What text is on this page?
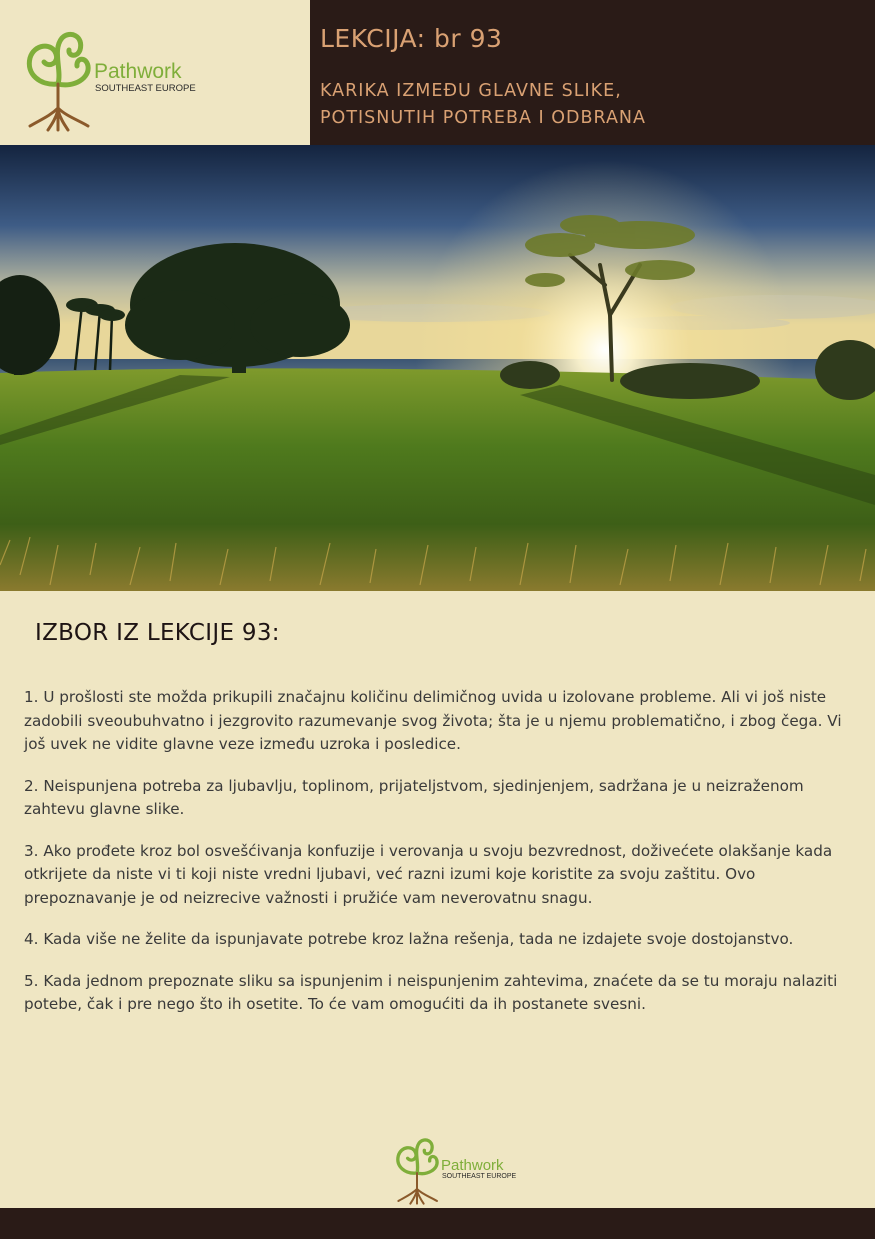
Pathwork
SOUTHEAST EUROPE
LEKCIJA: br 93
KARIKA IZMEĐU GLAVNE SLIKE,
POTISNUTIH POTREBA I ODBRANA
IZBOR IZ LEKCIJE 93:

1. U prošlosti ste možda prikupili značajnu količinu delimičnog uvida u izolovane probleme. Ali vi još niste zadobili sveoubuhvatno i jezgrovito razumevanje svog života; šta je u njemu problematično, i zbog čega. Vi još uvek ne vidite glavne veze između uzroka i posledice.

2. Neispunjena potreba za ljubavlju, toplinom, prijateljstvom, sjedinjenjem, sadržana je u neizraženom zahtevu glavne slike.

3. Ako prođete kroz bol osvešćivanja konfuzije i verovanja u svoju bezvrednost, doživećete olakšanje kada otkrijete da niste vi ti koji niste vredni ljubavi, već razni izumi koje koristite za svoju zaštitu. Ovo prepoznavanje je od neizrecive važnosti i pružiće vam neverovatnu snagu.

4. Kada više ne želite da ispunjavate potrebe kroz lažna rešenja, tada ne izdajete svoje dostojanstvo.

5. Kada jednom prepoznate sliku sa ispunjenim i neispunjenim zahtevima, znaćete da se tu moraju nalaziti potebe, čak i pre nego što ih osetite. To će vam omogućiti da ih postanete svesni.

Pathwork
SOUTHEAST EUROPE
